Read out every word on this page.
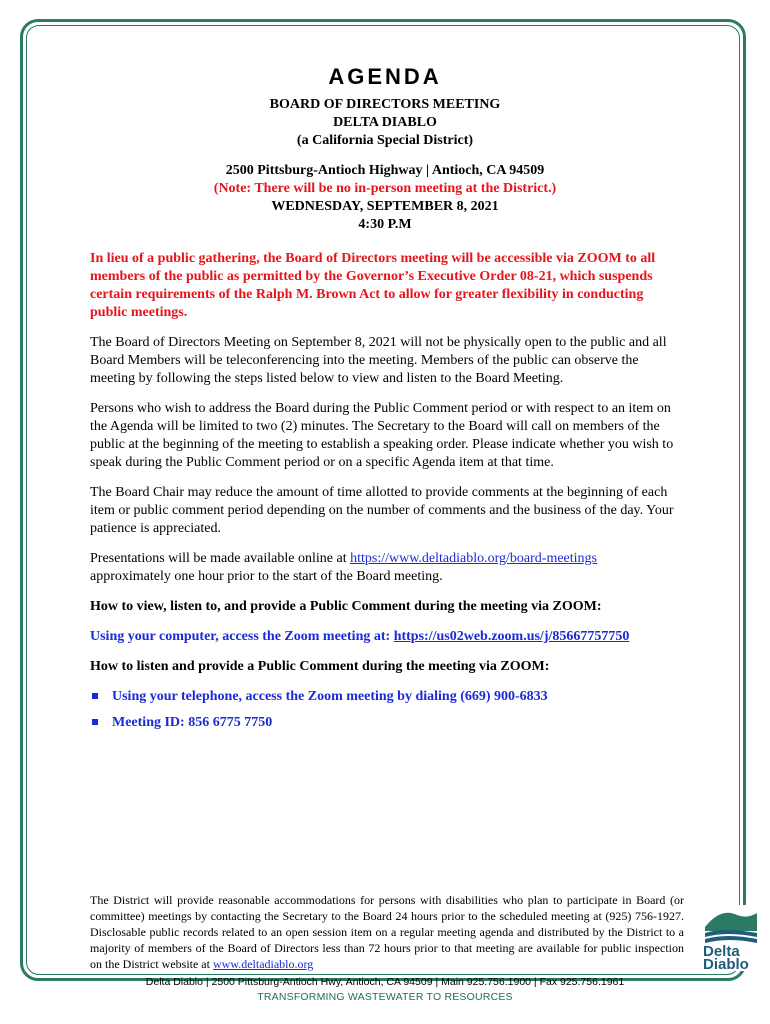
AGENDA
BOARD OF DIRECTORS MEETING
DELTA DIABLO
(a California Special District)
2500 Pittsburg-Antioch Highway | Antioch, CA 94509
(Note: There will be no in-person meeting at the District.)
WEDNESDAY, SEPTEMBER 8, 2021
4:30 P.M

In lieu of a public gathering, the Board of Directors meeting will be accessible via ZOOM to all members of the public as permitted by the Governor’s Executive Order 08-21, which suspends certain requirements of the Ralph M. Brown Act to allow for greater flexibility in conducting public meetings.

The Board of Directors Meeting on September 8, 2021 will not be physically open to the public and all Board Members will be teleconferencing into the meeting. Members of the public can observe the meeting by following the steps listed below to view and listen to the Board Meeting.

Persons who wish to address the Board during the Public Comment period or with respect to an item on the Agenda will be limited to two (2) minutes. The Secretary to the Board will call on members of the public at the beginning of the meeting to establish a speaking order. Please indicate whether you wish to speak during the Public Comment period or on a specific Agenda item at that time.

The Board Chair may reduce the amount of time allotted to provide comments at the beginning of each item or public comment period depending on the number of comments and the business of the day. Your patience is appreciated.

Presentations will be made available online at https://www.deltadiablo.org/board-meetings approximately one hour prior to the start of the Board meeting.

How to view, listen to, and provide a Public Comment during the meeting via ZOOM:

Using your computer, access the Zoom meeting at: https://us02web.zoom.us/j/85667757750

How to listen and provide a Public Comment during the meeting via ZOOM:

Using your telephone, access the Zoom meeting by dialing (669) 900-6833
Meeting ID: 856 6775 7750

The District will provide reasonable accommodations for persons with disabilities who plan to participate in Board (or committee) meetings by contacting the Secretary to the Board 24 hours prior to the scheduled meeting at (925) 756-1927. Disclosable public records related to an open session item on a regular meeting agenda and distributed by the District to a majority of members of the Board of Directors less than 72 hours prior to that meeting are available for public inspection on the District website at www.deltadiablo.org

Delta
Diablo
Delta Diablo | 2500 Pittsburg-Antioch Hwy, Antioch, CA 94509 | Main 925.756.1900 | Fax 925.756.1961
TRANSFORMING WASTEWATER TO RESOURCES
